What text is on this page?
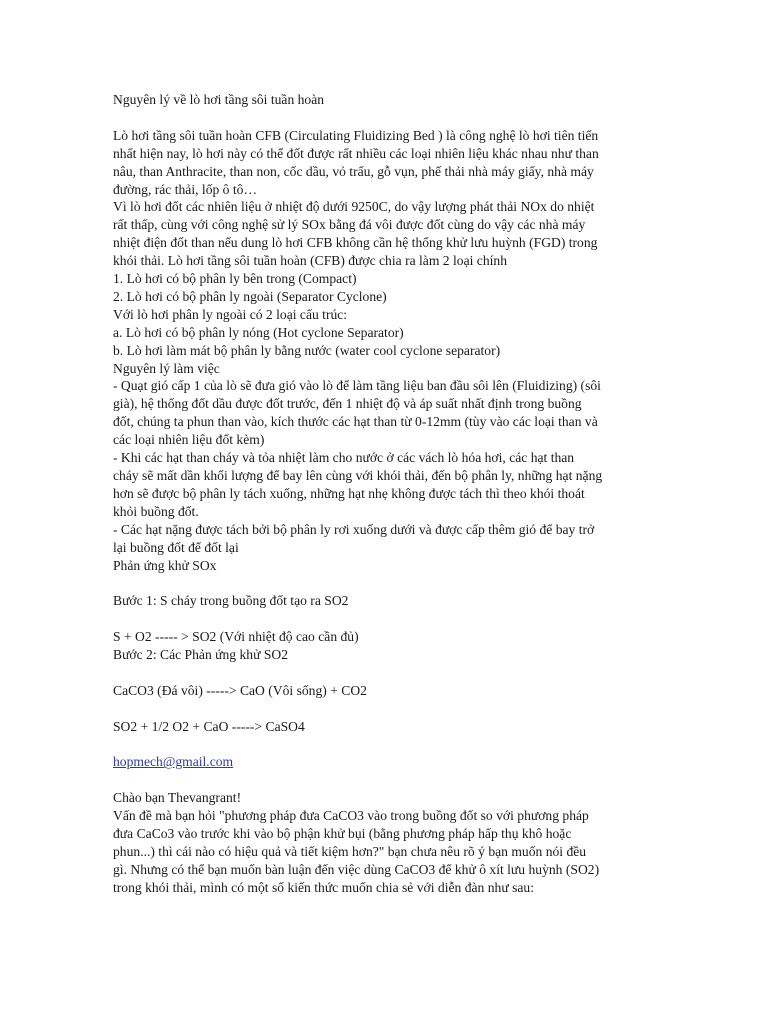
Nguyên lý về lò hơi tầng sôi tuần hoàn
Lò hơi tầng sôi tuần hoàn CFB (Circulating Fluidizing Bed ) là công nghệ lò hơi tiên tiến
nhất hiện nay, lò hơi này có thể đốt được rất nhiều các loại nhiên liệu khác nhau như than
nâu, than Anthracite, than non, cốc dầu, vỏ trấu, gỗ vụn, phế thải nhà máy giấy, nhà máy
đường, rác thải, lốp ô tô…
Vì lò hơi đốt các nhiên liệu ở nhiệt độ dưới 9250C, do vậy lượng phát thải NOx do nhiệt
rất thấp, cùng với công nghệ sử lý SOx bằng đá vôi được đốt cùng do vậy các nhà máy
nhiệt điện đốt than nếu dung lò hơi CFB không cần hệ thống khử lưu huỳnh (FGD) trong
khói thải. Lò hơi tầng sôi tuần hoàn (CFB) được chia ra làm 2 loại chính
1. Lò hơi có bộ phân ly bên trong (Compact)
2. Lò hơi có bộ phân ly ngoài (Separator Cyclone)
Với lò hơi phân ly ngoài có 2 loại cấu trúc:
a. Lò hơi có bộ phân ly nóng (Hot cyclone Separator)
b. Lò hơi làm mát bộ phân ly bằng nước (water cool cyclone separator)
Nguyên lý làm việc
- Quạt gió cấp 1 của lò sẽ đưa gió vào lò để làm tầng liệu ban đầu sôi lên (Fluidizing) (sôi
già), hệ thống đốt dầu được đốt trước, đến 1 nhiệt độ và áp suất nhất định trong buồng
đốt, chúng ta phun than vào, kích thước các hạt than từ 0-12mm (tùy vào các loại than và
các loại nhiên liệu đốt kèm)
- Khi các hạt than cháy và tỏa nhiệt làm cho nước ở các vách lò hóa hơi, các hạt than
cháy sẽ mất dần khối lượng để bay lên cùng với khói thải, đến bộ phân ly, những hạt nặng
hơn sẽ được bộ phân ly tách xuống, những hạt nhẹ không được tách thì theo khói thoát
khỏi buồng đốt.
- Các hạt nặng được tách bởi bộ phân ly rơi xuống dưới và được cấp thêm gió để bay trở
lại buồng đốt để đốt lại
Phản ứng khử SOx
Bước 1: S cháy trong buồng đốt tạo ra SO2
S + O2 ----- > SO2 (Với nhiệt độ cao cần đủ)
Bước 2: Các Phản ứng khử SO2
CaCO3 (Đá vôi) -----> CaO (Vôi sống) + CO2
SO2 + 1/2 O2 + CaO -----> CaSO4
hopmech@gmail.com
Chào bạn Thevangrant!
Vấn đề mà bạn hỏi "phương pháp đưa CaCO3 vào trong buồng đốt so với phương pháp
đưa CaCo3 vào trước khi vào bộ phận khử bụi (bằng phương pháp hấp thụ khô hoặc
phun...) thì cái nào có hiệu quả và tiết kiệm hơn?" bạn chưa nêu rõ ý bạn muốn nói đều
gì. Nhưng có thể bạn muốn bàn luận đến việc dùng CaCO3 để khử ô xít lưu huỳnh (SO2)
trong khói thải, mình có một số kiến thức muốn chia sẻ với diễn đàn như sau:
